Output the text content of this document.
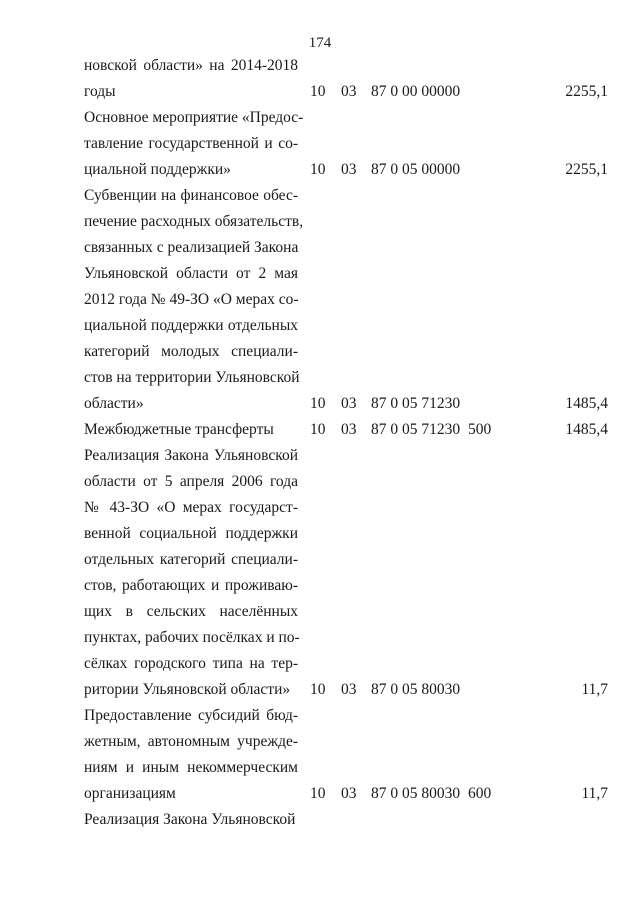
174
новской области» на 2014-2018
годы	10 03 87 0 00 00000	2255,1
Основное мероприятие «Предос-
тавление государственной и со-
циальной поддержки»	10 03 87 0 05 00000	2255,1
Субвенции на финансовое обес-
печение расходных обязательств,
связанных с реализацией Закона
Ульяновской области от 2 мая
2012 года № 49-ЗО «О мерах со-
циальной поддержки отдельных
категорий молодых специали-
стов на территории Ульяновской
области»	10 03 87 0 05 71230	1485,4
Межбюджетные трансферты	10 03 87 0 05 71230 500	1485,4
Реализация Закона Ульяновской
области от 5 апреля 2006 года
№ 43-ЗО «О мерах государст-
венной социальной поддержки
отдельных категорий специали-
стов, работающих и проживаю-
щих в сельских населённых
пунктах, рабочих посёлках и по-
сёлках городского типа на тер-
ритории Ульяновской области»	10 03 87 0 05 80030	11,7
Предоставление субсидий бюд-
жетным, автономным учрежде-
ниям и иным некоммерческим
организациям	10 03 87 0 05 80030 600	11,7
Реализация Закона Ульяновской
